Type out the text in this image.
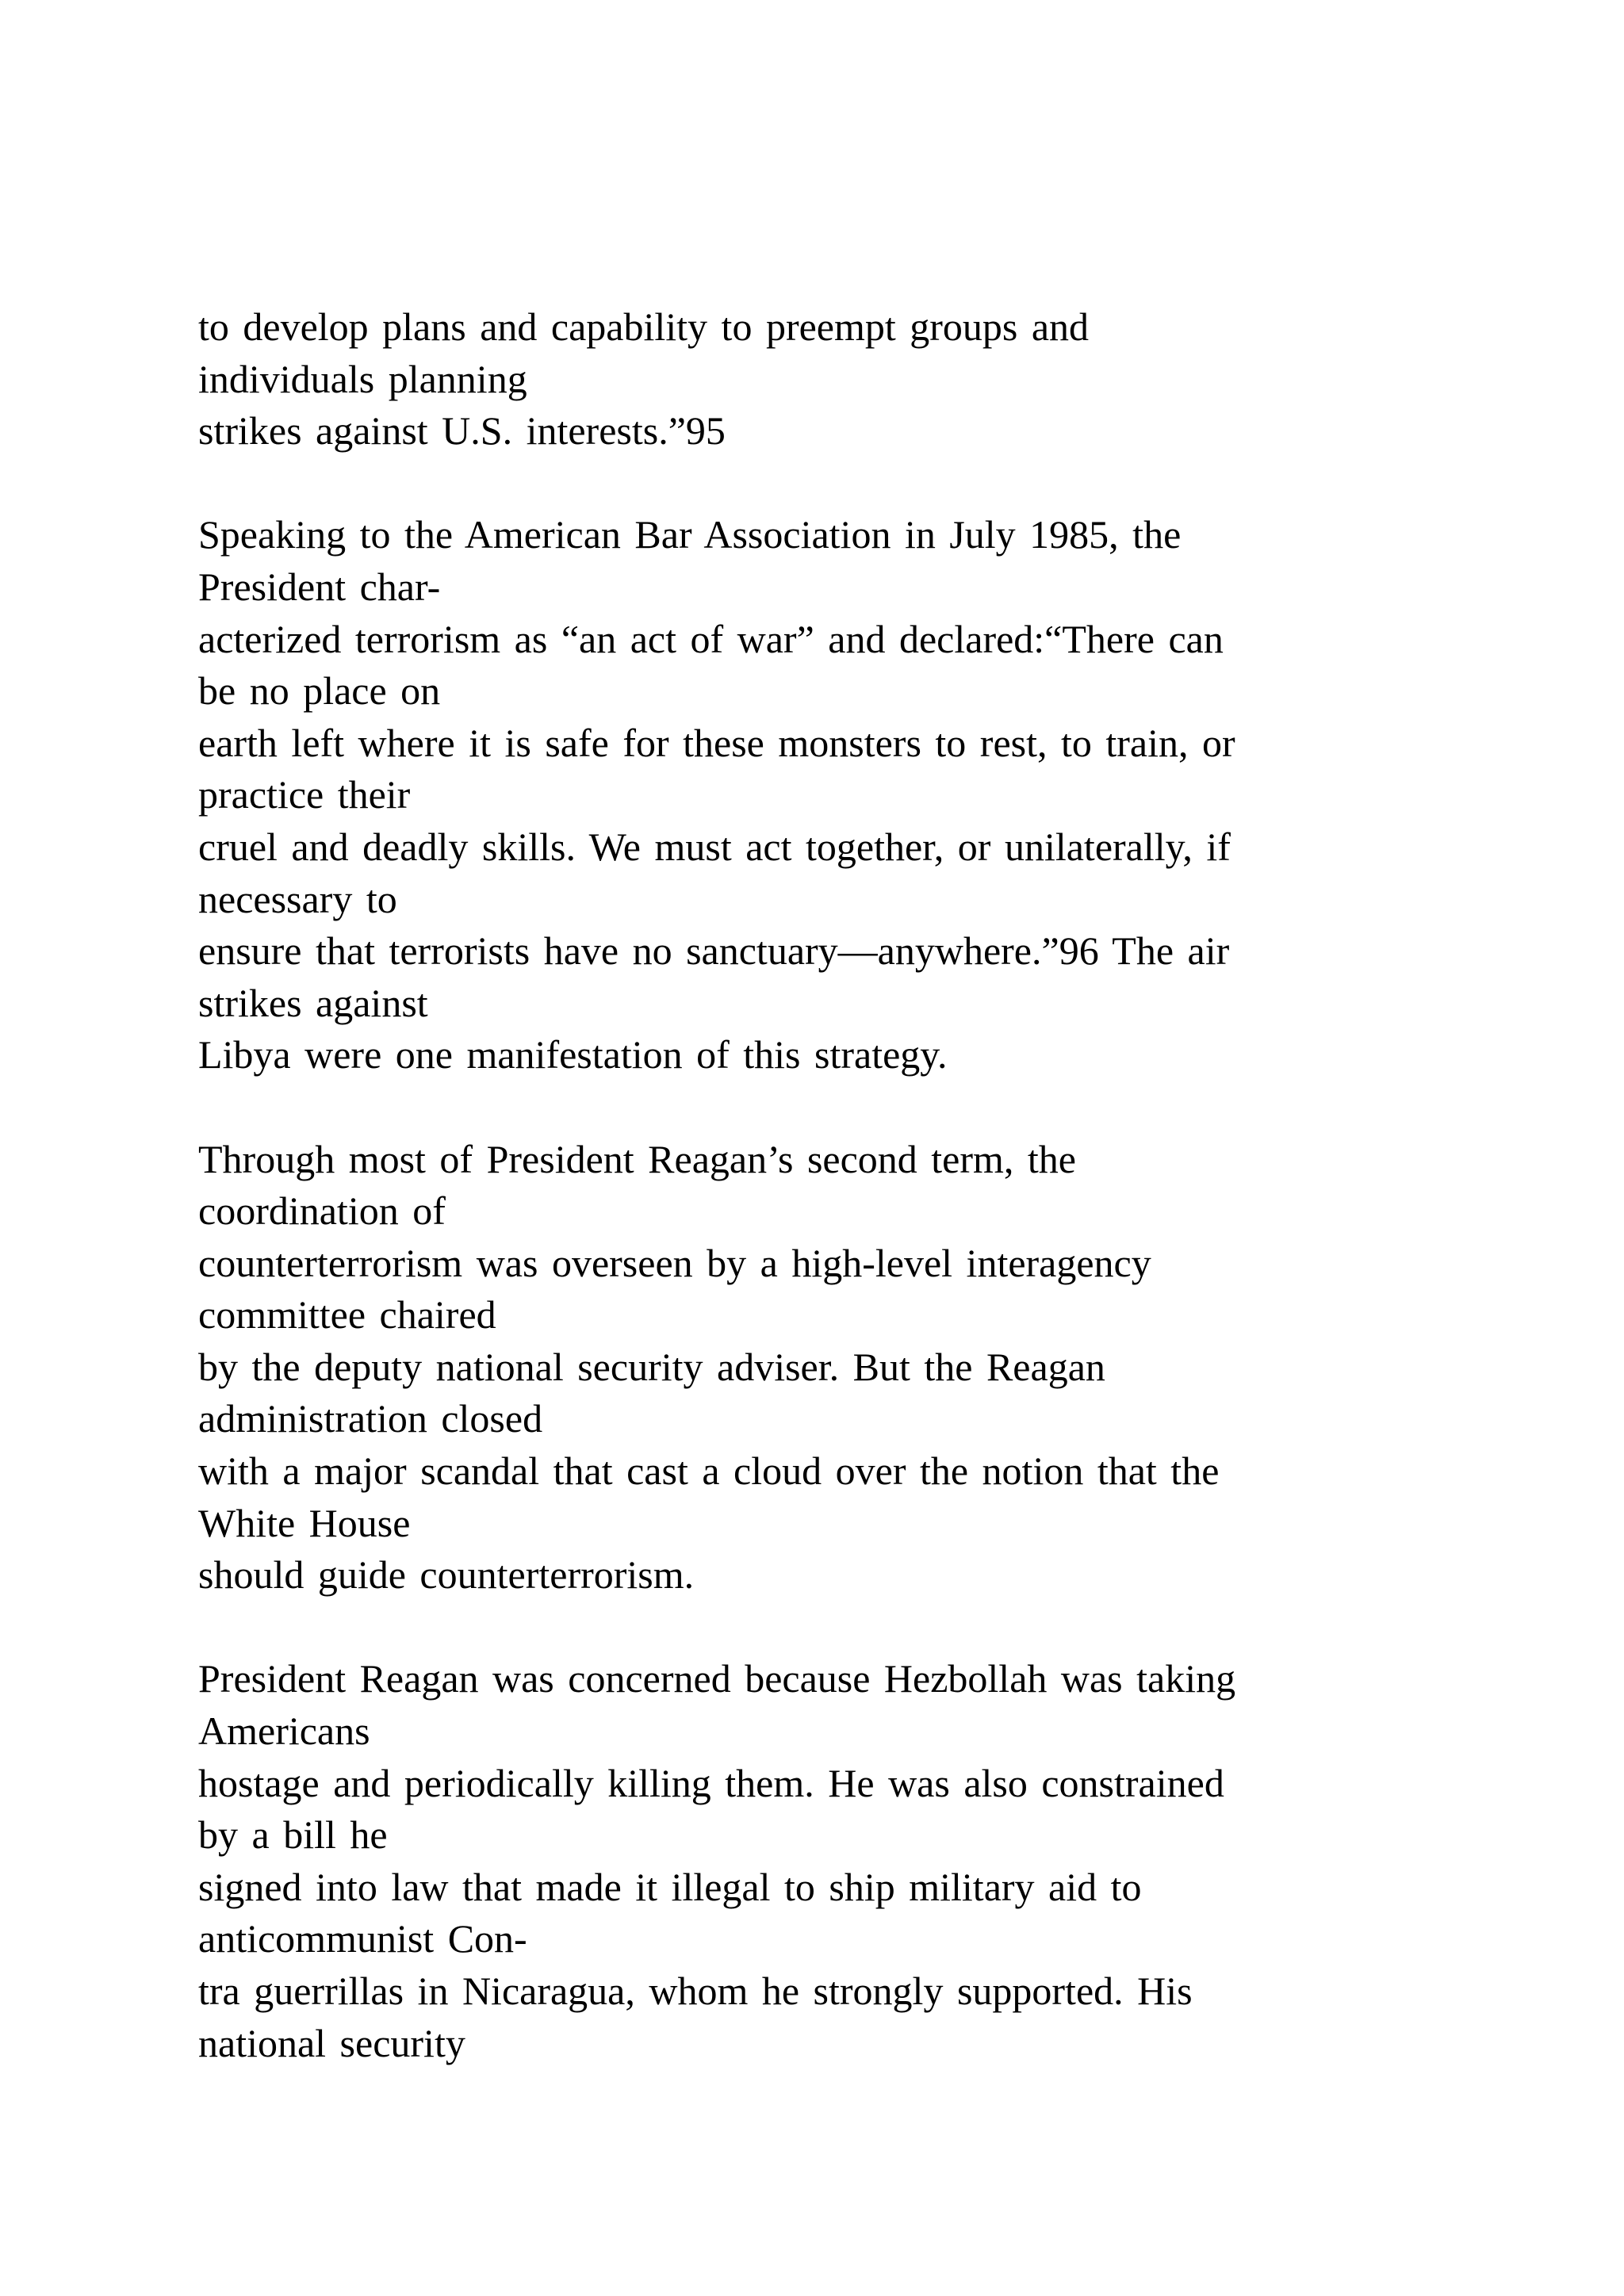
to develop plans and capability to preempt groups and
individuals planning
strikes against U.S. interests.”95

Speaking to the American Bar Association in July 1985, the
President char-
acterized terrorism as “an act of war” and declared:“There can
be no place on
earth left where it is safe for these monsters to rest, to train, or
practice their
cruel and deadly skills. We must act together, or unilaterally, if
necessary to
ensure that terrorists have no sanctuary—anywhere.”96 The air
strikes against
Libya were one manifestation of this strategy.

Through most of President Reagan’s second term, the
coordination of
counterterrorism was overseen by a high-level interagency
committee chaired
by the deputy national security adviser. But the Reagan
administration closed
with a major scandal that cast a cloud over the notion that the
White House
should guide counterterrorism.

President Reagan was concerned because Hezbollah was taking
Americans
hostage and periodically killing them. He was also constrained
by a bill he
signed into law that made it illegal to ship military aid to
anticommunist Con-
tra guerrillas in Nicaragua, whom he strongly supported. His
national security
